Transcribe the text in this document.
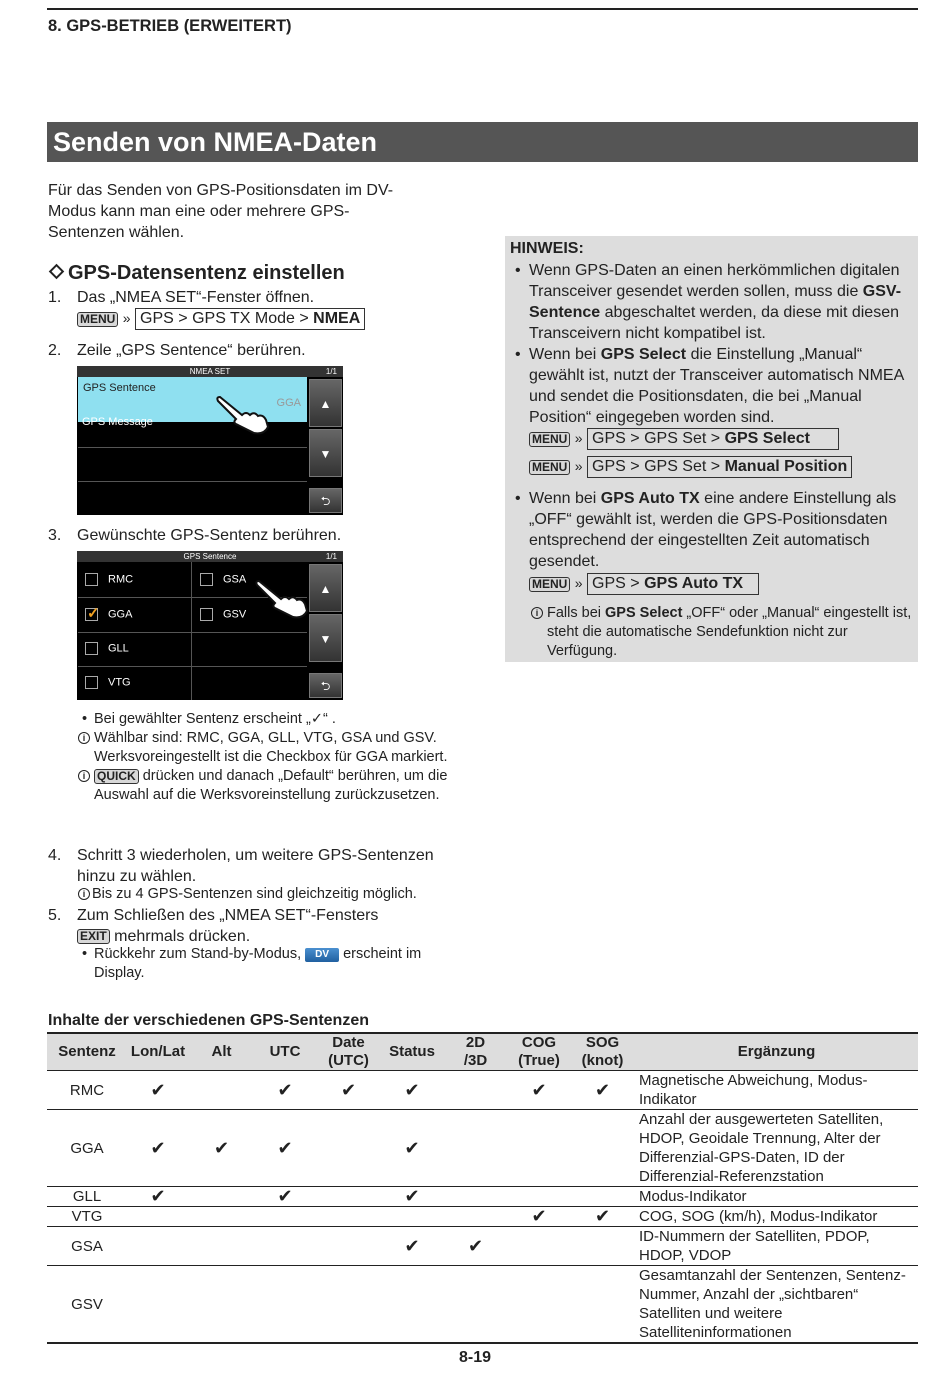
8. GPS-BETRIEB (ERWEITERT)
Senden von NMEA-Daten
Für das Senden von GPS-Positionsdaten im DV-Modus kann man eine oder mehrere GPS-Sentenzen wählen.
GPS-Datensentenz einstellen
1. Das „NMEA SET“-Fenster öffnen.
MENU » GPS > GPS TX Mode > NMEA
2. Zeile „GPS Sentence“ berühren.
NMEA SET	1/1
GPS Sentence
GGA
GPS Message
▲
▼
⮌
3. Gewünschte GPS-Sentenz berühren.
GPS Sentence	1/1
RMC	GSA
✓ GGA	GSV
GLL
VTG
▲
▼
⮌
• Bei gewählter Sentenz erscheint „✓“ .
i Wählbar sind: RMC, GGA, GLL, VTG, GSA und GSV. Werksvoreingestellt ist die Checkbox für GGA markiert.
i QUICK drücken und danach „Default“ berühren, um die Auswahl auf die Werksvoreinstellung zurückzusetzen.
4. Schritt 3 wiederholen, um weitere GPS-Sentenzen hinzu zu wählen.
i Bis zu 4 GPS-Sentenzen sind gleichzeitig möglich.
5. Zum Schließen des „NMEA SET“-Fensters
EXIT mehrmals drücken.
• Rückkehr zum Stand-by-Modus, DV erscheint im Display.
HINWEIS:
• Wenn GPS-Daten an einen herkömmlichen digitalen Transceiver gesendet werden sollen, muss die GSV-Sentence abgeschaltet werden, da diese mit diesen Transceivern nicht kompatibel ist.
• Wenn bei GPS Select die Einstellung „Manual“ gewählt ist, nutzt der Transceiver automatisch NMEA und sendet die Positionsdaten, die bei „Manual Position“ eingegeben worden sind.
MENU » GPS > GPS Set > GPS Select
MENU » GPS > GPS Set > Manual Position
• Wenn bei GPS Auto TX eine andere Einstellung als „OFF“ gewählt ist, werden die GPS-Positionsdaten entsprechend der eingestellten Zeit automatisch gesendet.
MENU » GPS > GPS Auto TX
i Falls bei GPS Select „OFF“ oder „Manual“ eingestellt ist, steht die automatische Sendefunktion nicht zur Verfügung.
Inhalte der verschiedenen GPS-Sentenzen
Sentenz	Lon/Lat	Alt	UTC	Date (UTC)	Status	2D /3D	COG (True)	SOG (knot)	Ergänzung
RMC	✔		✔	✔	✔		✔	✔	Magnetische Abweichung, Modus-Indikator
GGA	✔	✔	✔		✔				Anzahl der ausgewerteten Satelliten, HDOP, Geoidale Trennung, Alter der Differenzial-GPS-Daten, ID der Differenzial-Referenzstation
GLL	✔		✔		✔				Modus-Indikator
VTG							✔	✔	COG, SOG (km/h), Modus-Indikator
GSA					✔	✔			ID-Nummern der Satelliten, PDOP, HDOP, VDOP
GSV									Gesamtanzahl der Sentenzen, Sentenz-Nummer, Anzahl der „sichtbaren“ Satelliten und weitere Satelliteninformationen
8-19
